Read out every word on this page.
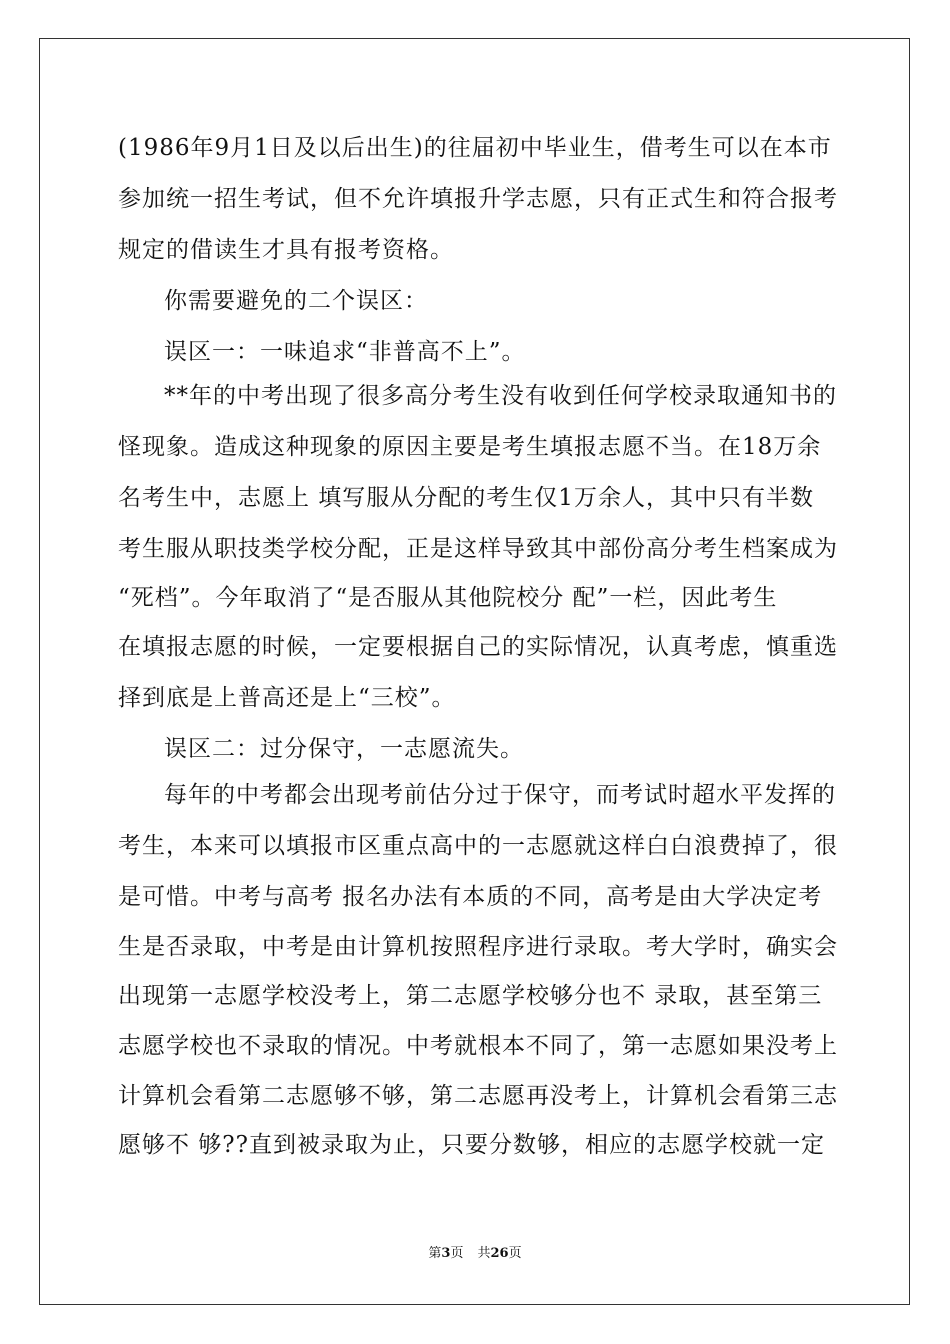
(1986年9月1日及以后出生)的往届初中毕业生，借考生可以在本市
参加统一招生考试，但不允许填报升学志愿，只有正式生和符合报考
规定的借读生才具有报考资格。
你需要避免的二个误区：
误区一：一味追求“非普高不上”。
**年的中考出现了很多高分考生没有收到任何学校录取通知书的
怪现象。造成这种现象的原因主要是考生填报志愿不当。在18万余
名考生中，志愿上 填写服从分配的考生仅1万余人，其中只有半数
考生服从职技类学校分配，正是这样导致其中部份高分考生档案成为
“死档”。今年取消了“是否服从其他院校分 配”一栏，因此考生
在填报志愿的时候，一定要根据自己的实际情况，认真考虑，慎重选
择到底是上普高还是上“三校”。
误区二：过分保守，一志愿流失。
每年的中考都会出现考前估分过于保守，而考试时超水平发挥的
考生，本来可以填报市区重点高中的一志愿就这样白白浪费掉了，很
是可惜。中考与高考 报名办法有本质的不同，高考是由大学决定考
生是否录取，中考是由计算机按照程序进行录取。考大学时，确实会
出现第一志愿学校没考上，第二志愿学校够分也不 录取，甚至第三
志愿学校也不录取的情况。中考就根本不同了，第一志愿如果没考上
计算机会看第二志愿够不够，第二志愿再没考上，计算机会看第三志
愿够不 够??直到被录取为止，只要分数够，相应的志愿学校就一定
第3页 共26页
